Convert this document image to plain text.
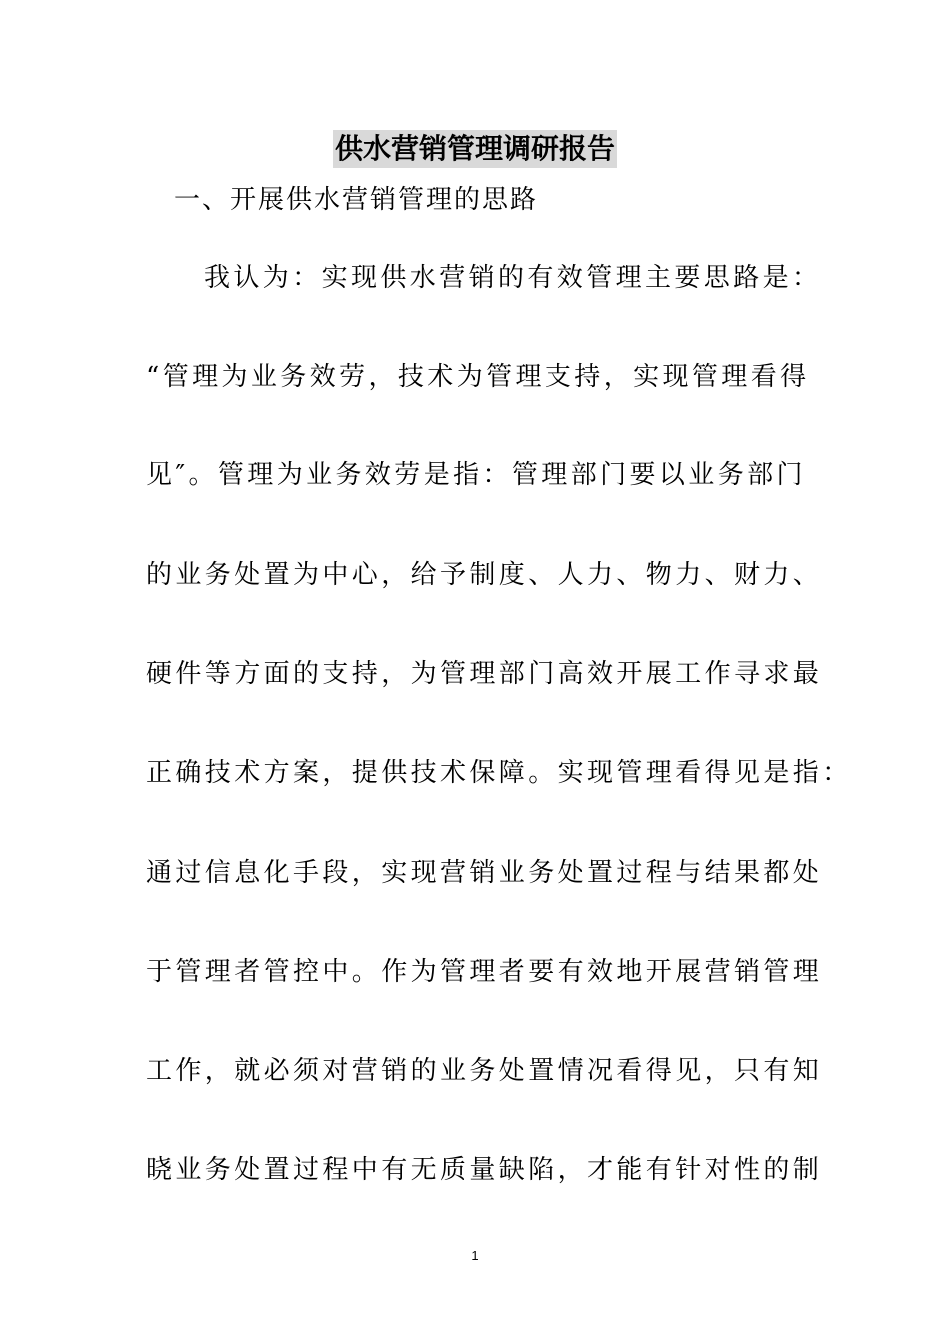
供水营销管理调研报告
一、开展供水营销管理的思路
我认为：实现供水营销的有效管理主要思路是：
“管理为业务效劳，技术为管理支持，实现管理看得
见″。管理为业务效劳是指：管理部门要以业务部门
的业务处置为中心，给予制度、人力、物力、财力、
硬件等方面的支持，为管理部门高效开展工作寻求最
正确技术方案，提供技术保障。实现管理看得见是指：
通过信息化手段，实现营销业务处置过程与结果都处
于管理者管控中。作为管理者要有效地开展营销管理
工作，就必须对营销的业务处置情况看得见，只有知
晓业务处置过程中有无质量缺陷，才能有针对性的制
1
